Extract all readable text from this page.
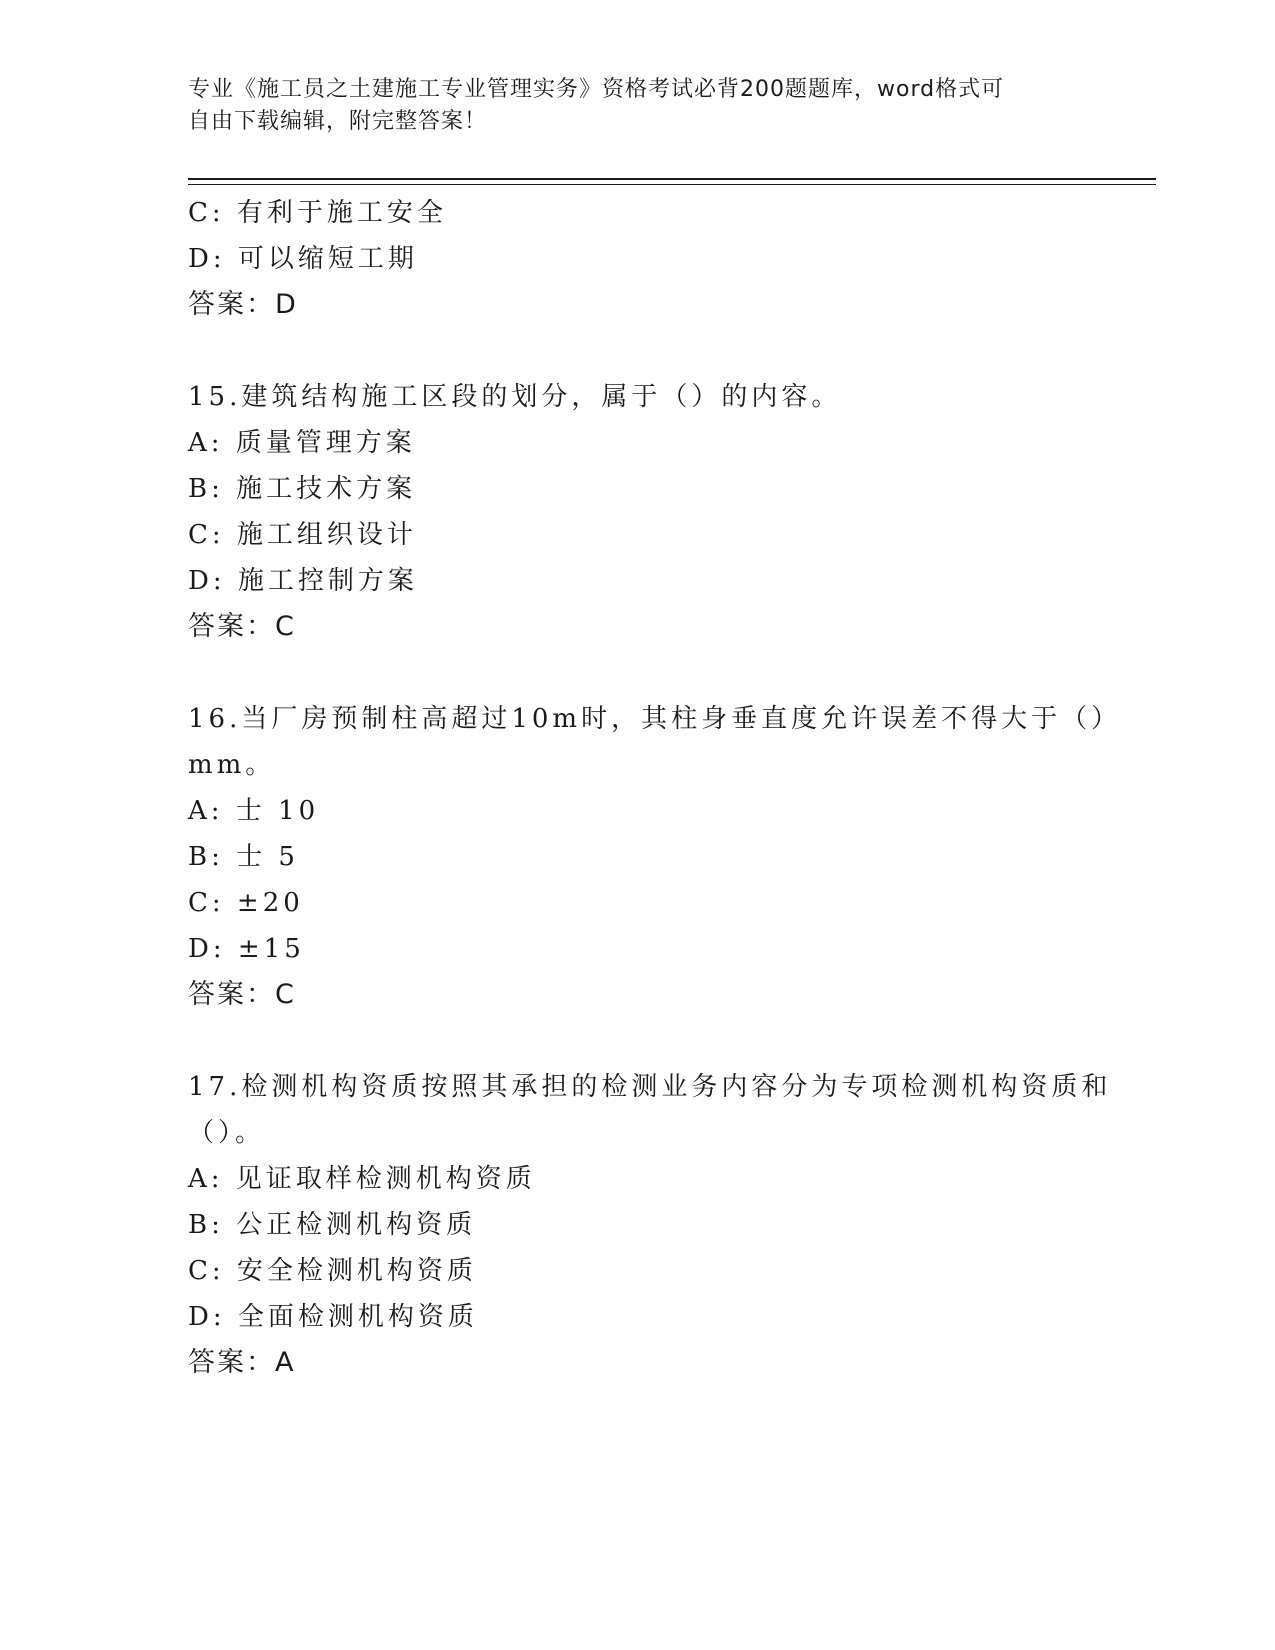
专业《施工员之土建施工专业管理实务》资格考试必背200题题库，word格式可
自由下载编辑，附完整答案！
C: 有利于施工安全
D: 可以缩短工期
答案：D
15.建筑结构施工区段的划分，属于（）的内容。
A: 质量管理方案
B: 施工技术方案
C: 施工组织设计
D: 施工控制方案
答案：C
16.当厂房预制柱高超过10m时，其柱身垂直度允许误差不得大于（）
mm。
A: 士 10
B: 士 5
C: ±20
D: ±15
答案：C
17.检测机构资质按照其承担的检测业务内容分为专项检测机构资质和
（）。
A: 见证取样检测机构资质
B: 公正检测机构资质
C: 安全检测机构资质
D: 全面检测机构资质
答案：A
